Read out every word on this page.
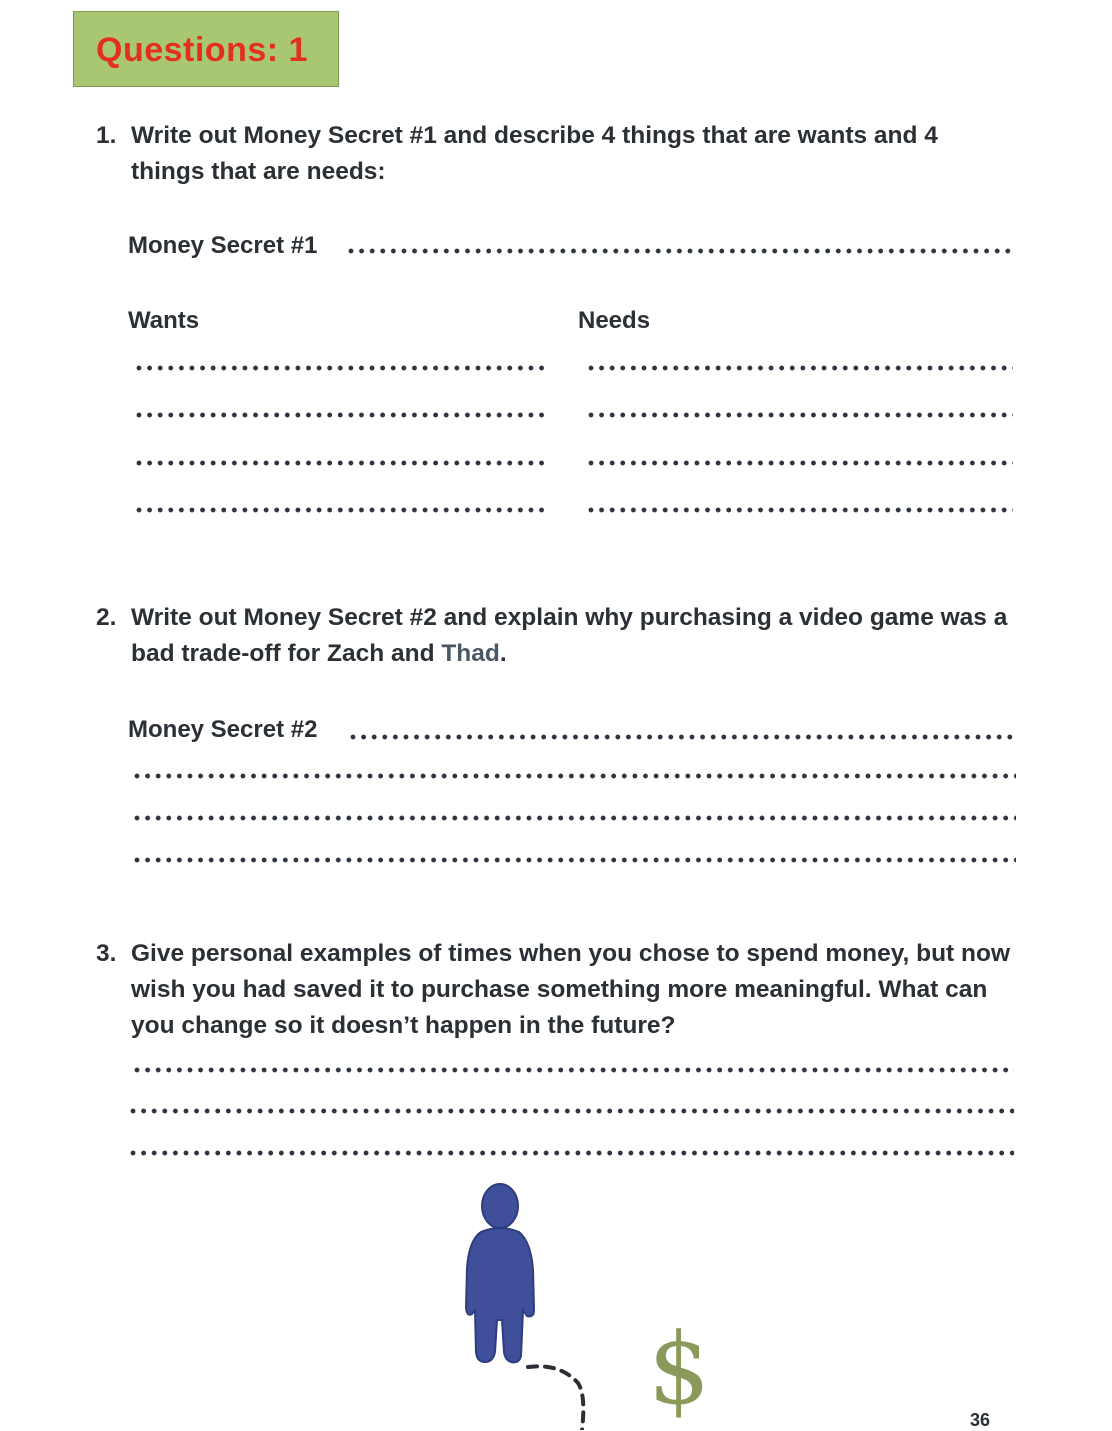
Questions: 1
1. Write out Money Secret #1 and describe 4 things that are wants and 4 things that are needs:
Money Secret #1
Wants	Needs
2. Write out Money Secret #2 and explain why purchasing a video game was a bad trade-off for Zach and Thad.
Money Secret #2
3. Give personal examples of times when you chose to spend money, but now wish you had saved it to purchase something more meaningful. What can you change so it doesn’t happen in the future?
$	36
